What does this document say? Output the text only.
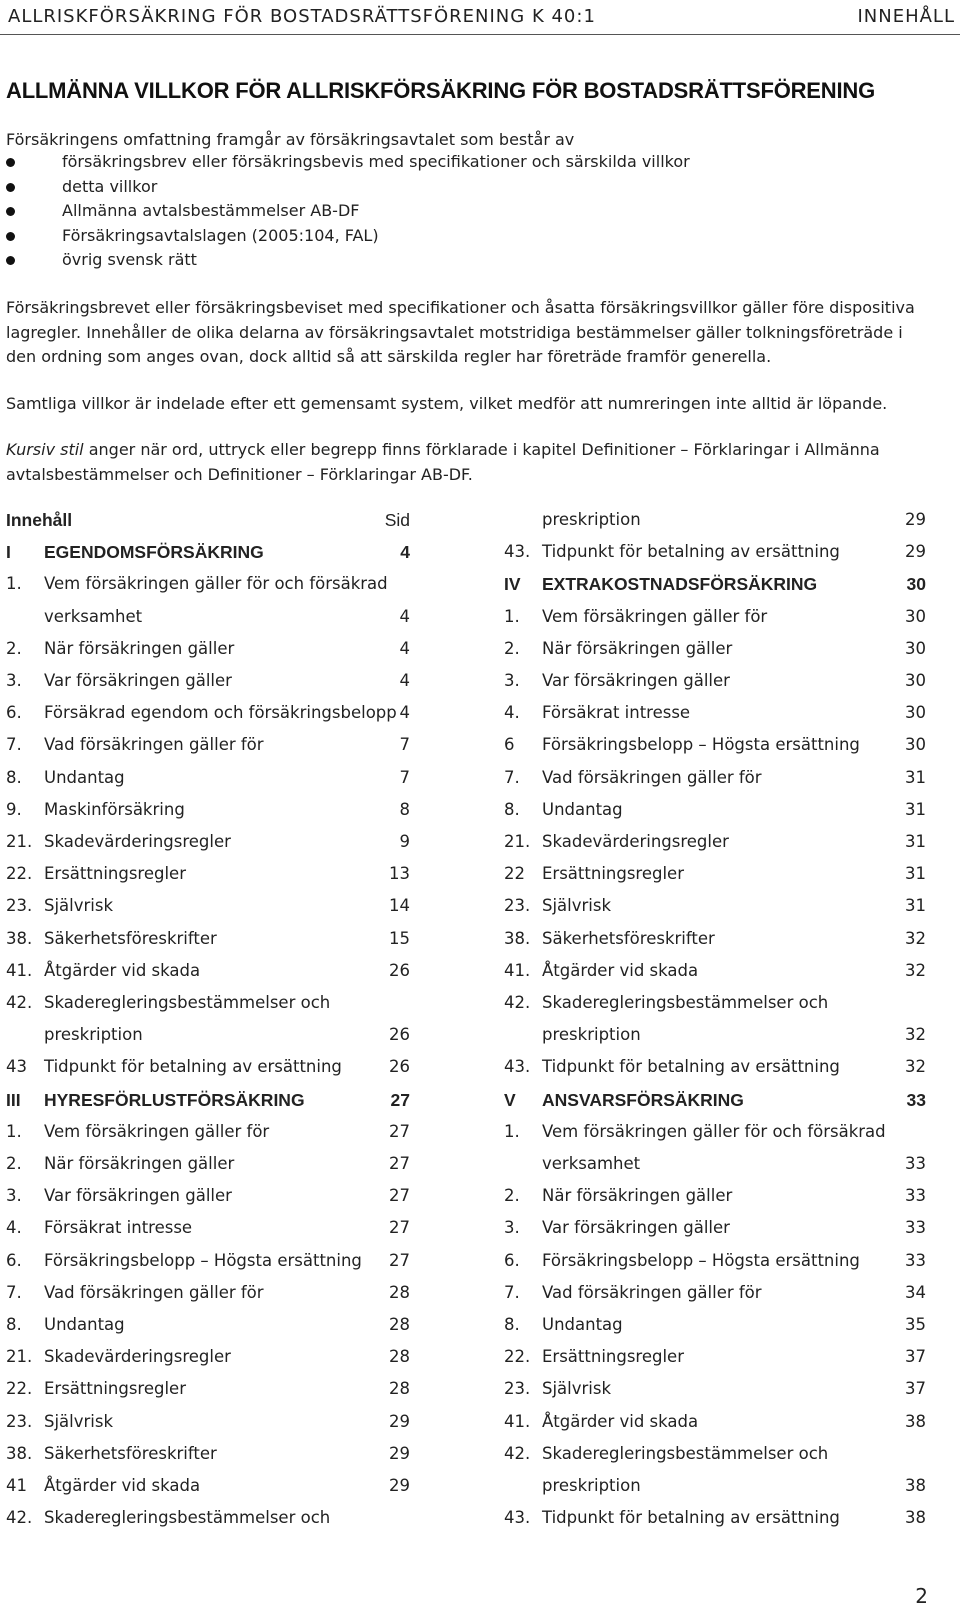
ALLRISKFÖRSÄKRING FÖR BOSTADSRÄTTSFÖRENING K 40:1	INNEHÅLL
ALLMÄNNA VILLKOR FÖR ALLRISKFÖRSÄKRING FÖR BOSTADSRÄTTSFÖRENING
Försäkringens omfattning framgår av försäkringsavtalet som består av
försäkringsbrev eller försäkringsbevis med specifikationer och särskilda villkor
detta villkor
Allmänna avtalsbestämmelser AB-DF
Försäkringsavtalslagen (2005:104, FAL)
övrig svensk rätt
Försäkringsbrevet eller försäkringsbeviset med specifikationer och åsatta försäkringsvillkor gäller före dispositiva lagregler. Innehåller de olika delarna av försäkringsavtalet motstridiga bestämmelser gäller tolkningsföreträde i den ordning som anges ovan, dock alltid så att särskilda regler har företräde framför generella.
Samtliga villkor är indelade efter ett gemensamt system, vilket medför att numreringen inte alltid är löpande.
Kursiv stil anger när ord, uttryck eller begrepp finns förklarade i kapitel Definitioner – Förklaringar i Allmänna avtalsbestämmelser och Definitioner – Förklaringar AB-DF.
Innehåll	Sid
I EGENDOMSFÖRSÄKRING	4
1. Vem försäkringen gäller för och försäkrad
verksamhet	4
2. När försäkringen gäller	4
3. Var försäkringen gäller	4
6. Försäkrad egendom och försäkringsbelopp 4
7. Vad försäkringen gäller för	7
8. Undantag	7
9. Maskinförsäkring	8
21. Skadevärderingsregler	9
22. Ersättningsregler	13
23. Självrisk	14
38. Säkerhetsföreskrifter	15
41. Åtgärder vid skada	26
42. Skaderegleringsbestämmelser och
preskription	26
43 Tidpunkt för betalning av ersättning	26
III HYRESFÖRLUSTFÖRSÄKRING	27
1. Vem försäkringen gäller för	27
2. När försäkringen gäller	27
3. Var försäkringen gäller	27
4. Försäkrat intresse	27
6. Försäkringsbelopp – Högsta ersättning 27
7. Vad försäkringen gäller för	28
8. Undantag	28
21. Skadevärderingsregler	28
22. Ersättningsregler	28
23. Självrisk	29
38. Säkerhetsföreskrifter	29
41 Åtgärder vid skada	29
42. Skaderegleringsbestämmelser och
preskription	29
43. Tidpunkt för betalning av ersättning	29
IV EXTRAKOSTNADSFÖRSÄKRING	30
1. Vem försäkringen gäller för	30
2. När försäkringen gäller	30
3. Var försäkringen gäller	30
4. Försäkrat intresse	30
6 Försäkringsbelopp – Högsta ersättning	30
7. Vad försäkringen gäller för	31
8. Undantag	31
21. Skadevärderingsregler	31
22 Ersättningsregler	31
23. Självrisk	31
38. Säkerhetsföreskrifter	32
41. Åtgärder vid skada	32
42. Skaderegleringsbestämmelser och
preskription	32
43. Tidpunkt för betalning av ersättning	32
V ANSVARSFÖRSÄKRING	33
1. Vem försäkringen gäller för och försäkrad
verksamhet	33
2. När försäkringen gäller	33
3. Var försäkringen gäller	33
6. Försäkringsbelopp – Högsta ersättning	33
7. Vad försäkringen gäller för	34
8. Undantag	35
22. Ersättningsregler	37
23. Självrisk	37
41. Åtgärder vid skada	38
42. Skaderegleringsbestämmelser och
preskription	38
43. Tidpunkt för betalning av ersättning	38
2
